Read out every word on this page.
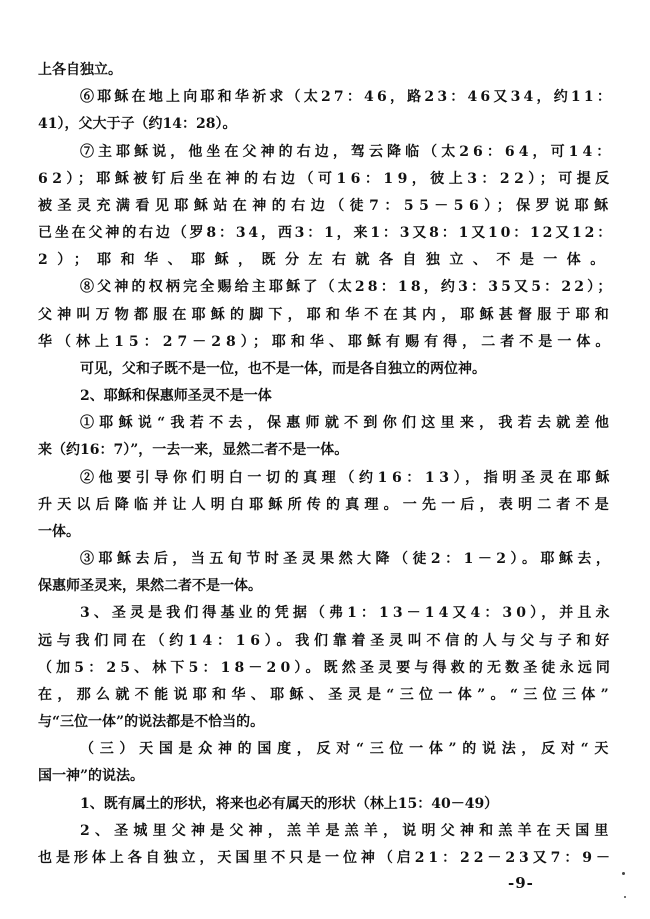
上各自独立。
⑥耶稣在地上向耶和华祈求（太27：46，路23：46又34，约11：
41），父大于子（约14：28）。
⑦主耶稣说，他坐在父神的右边，驾云降临（太26：64，可14：
62）；耶稣被钉后坐在神的右边（可16：19，彼上3：22）；可提反
被圣灵充满看见耶稣站在神的右边（徒7：55－56）；保罗说耶稣
已坐在父神的右边（罗8：34，西3：1，来1：3又8：1又10：12又12：
2）；耶和华、耶稣，既分左右就各自独立、不是一体。
⑧父神的权柄完全赐给主耶稣了（太28：18，约3：35又5：22）；
父神叫万物都服在耶稣的脚下，耶和华不在其内，耶稣甚督服于耶和
华（林上15：27－28）；耶和华、耶稣有赐有得，二者不是一体。
可见，父和子既不是一位，也不是一体，而是各自独立的两位神。
2、耶稣和保惠师圣灵不是一体
①耶稣说“我若不去，保惠师就不到你们这里来，我若去就差他
来（约16：7）”，一去一来，显然二者不是一体。
②他要引导你们明白一切的真理（约16：13），指明圣灵在耶稣
升天以后降临并让人明白耶稣所传的真理。一先一后，表明二者不是
一体。
③耶稣去后，当五旬节时圣灵果然大降（徒2：1－2）。耶稣去，
保惠师圣灵来，果然二者不是一体。
3、圣灵是我们得基业的凭据（弗1：13－14又4：30），并且永
远与我们同在（约14：16）。我们靠着圣灵叫不信的人与父与子和好
（加5：25、林下5：18－20）。既然圣灵要与得救的无数圣徒永远同
在，那么就不能说耶和华、耶稣、圣灵是“三位一体”。“三位三体”
与“三位一体”的说法都是不恰当的。
（三）天国是众神的国度，反对“三位一体”的说法，反对“天
国一神”的说法。
1、既有属土的形状，将来也必有属天的形状（林上15：40－49）
2、圣城里父神是父神，羔羊是羔羊，说明父神和羔羊在天国里
也是形体上各自独立，天国里不只是一位神（启21：22－23又7：9－
-9-
